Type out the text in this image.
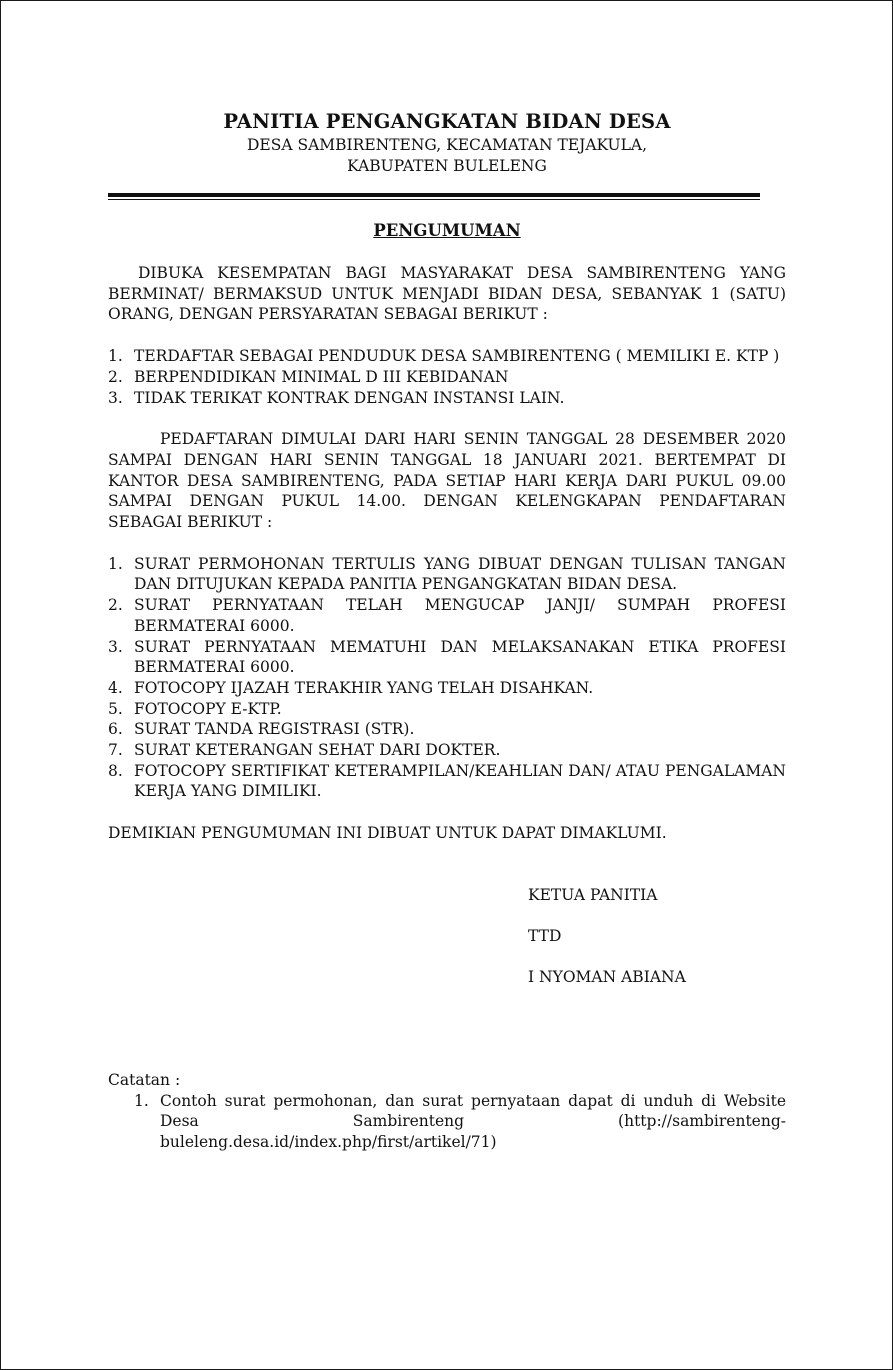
PANITIA PENGANGKATAN BIDAN DESA
DESA SAMBIRENTENG, KECAMATAN TEJAKULA,
KABUPATEN BULELENG
PENGUMUMAN

DIBUKA KESEMPATAN BAGI MASYARAKAT DESA SAMBIRENTENG YANG BERMINAT/ BERMAKSUD UNTUK MENJADI BIDAN DESA, SEBANYAK 1 (SATU) ORANG, DENGAN PERSYARATAN SEBAGAI BERIKUT :

1. TERDAFTAR SEBAGAI PENDUDUK DESA SAMBIRENTENG ( MEMILIKI E. KTP )
2. BERPENDIDIKAN MINIMAL D III KEBIDANAN
3. TIDAK TERIKAT KONTRAK DENGAN INSTANSI LAIN.

PEDAFTARAN DIMULAI DARI HARI SENIN TANGGAL 28 DESEMBER 2020 SAMPAI DENGAN HARI SENIN TANGGAL 18 JANUARI 2021. BERTEMPAT DI KANTOR DESA SAMBIRENTENG, PADA SETIAP HARI KERJA DARI PUKUL 09.00 SAMPAI DENGAN PUKUL 14.00. DENGAN KELENGKAPAN PENDAFTARAN SEBAGAI BERIKUT :

1. SURAT PERMOHONAN TERTULIS YANG DIBUAT DENGAN TULISAN TANGAN DAN DITUJUKAN KEPADA PANITIA PENGANGKATAN BIDAN DESA.
2. SURAT PERNYATAAN TELAH MENGUCAP JANJI/ SUMPAH PROFESI BERMATERAI 6000.
3. SURAT PERNYATAAN MEMATUHI DAN MELAKSANAKAN ETIKA PROFESI BERMATERAI 6000.
4. FOTOCOPY IJAZAH TERAKHIR YANG TELAH DISAHKAN.
5. FOTOCOPY E-KTP.
6. SURAT TANDA REGISTRASI (STR).
7. SURAT KETERANGAN SEHAT DARI DOKTER.
8. FOTOCOPY SERTIFIKAT KETERAMPILAN/KEAHLIAN DAN/ ATAU PENGALAMAN KERJA YANG DIMILIKI.

DEMIKIAN PENGUMUMAN INI DIBUAT UNTUK DAPAT DIMAKLUMI.

KETUA PANITIA
TTD
I NYOMAN ABIANA
Catatan :
1. Contoh surat permohonan, dan surat pernyataan dapat di unduh di Website Desa Sambirenteng (http://sambirenteng-buleleng.desa.id/index.php/first/artikel/71)
